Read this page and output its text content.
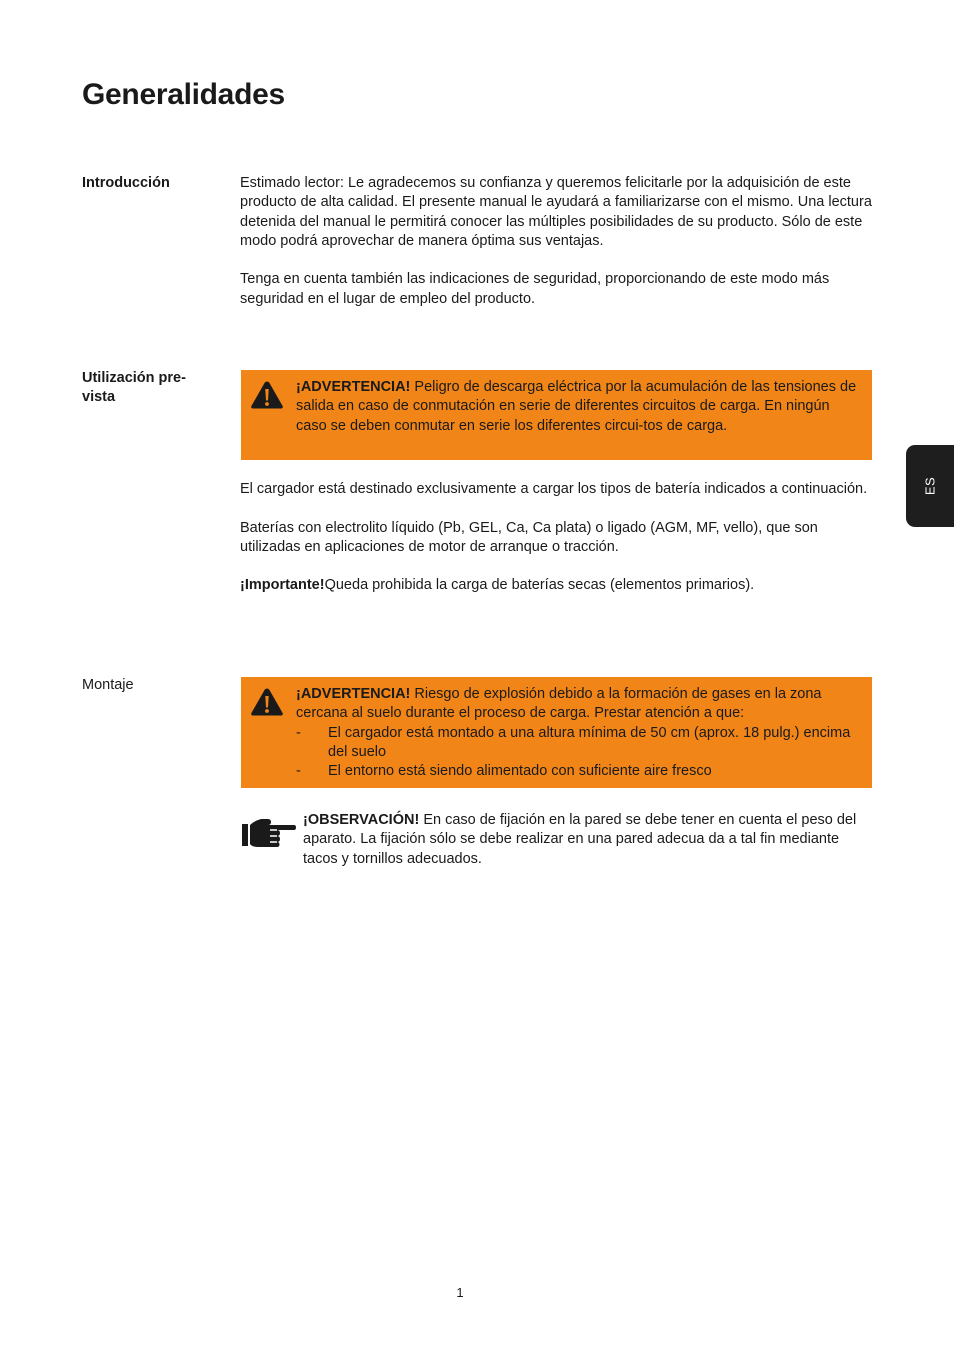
Generalidades
Introducción	Estimado lector: Le agradecemos su confianza y queremos felicitarle por la adquisición de este producto de alta calidad. El presente manual le ayudará a familiarizarse con el mismo. Una lectura detenida del manual le permitirá conocer las múltiples posibilidades de su producto. Sólo de este modo podrá aprovechar de manera óptima sus ventajas.

Tenga en cuenta también las indicaciones de seguridad, proporcionando de este modo más seguridad en el lugar de empleo del producto.

Utilización pre-
vista

¡ADVERTENCIA! Peligro de descarga eléctrica por la acumulación de las tensiones de salida en caso de conmutación en serie de diferentes circuitos de carga. En ningún caso se deben conmutar en serie los diferentes circui-tos de carga.

El cargador está destinado exclusivamente a cargar los tipos de batería indicados a continuación.

Baterías con electrolito líquido (Pb, GEL, Ca, Ca plata) o ligado (AGM, MF, vello), que son utilizadas en aplicaciones de motor de arranque o tracción.

¡Importante!Queda prohibida la carga de baterías secas (elementos primarios).

Montaje

¡ADVERTENCIA! Riesgo de explosión debido a la formación de gases en la zona cercana al suelo durante el proceso de carga. Prestar atención a que:

- El cargador está montado a una altura mínima de 50 cm (aprox. 18 pulg.) encima del suelo
- El entorno está siendo alimentado con suficiente aire fresco

¡OBSERVACIÓN! En caso de fijación en la pared se debe tener en cuenta el peso del aparato. La fijación sólo se debe realizar en una pared adecua da a tal fin mediante tacos y tornillos adecuados.

ES
1
